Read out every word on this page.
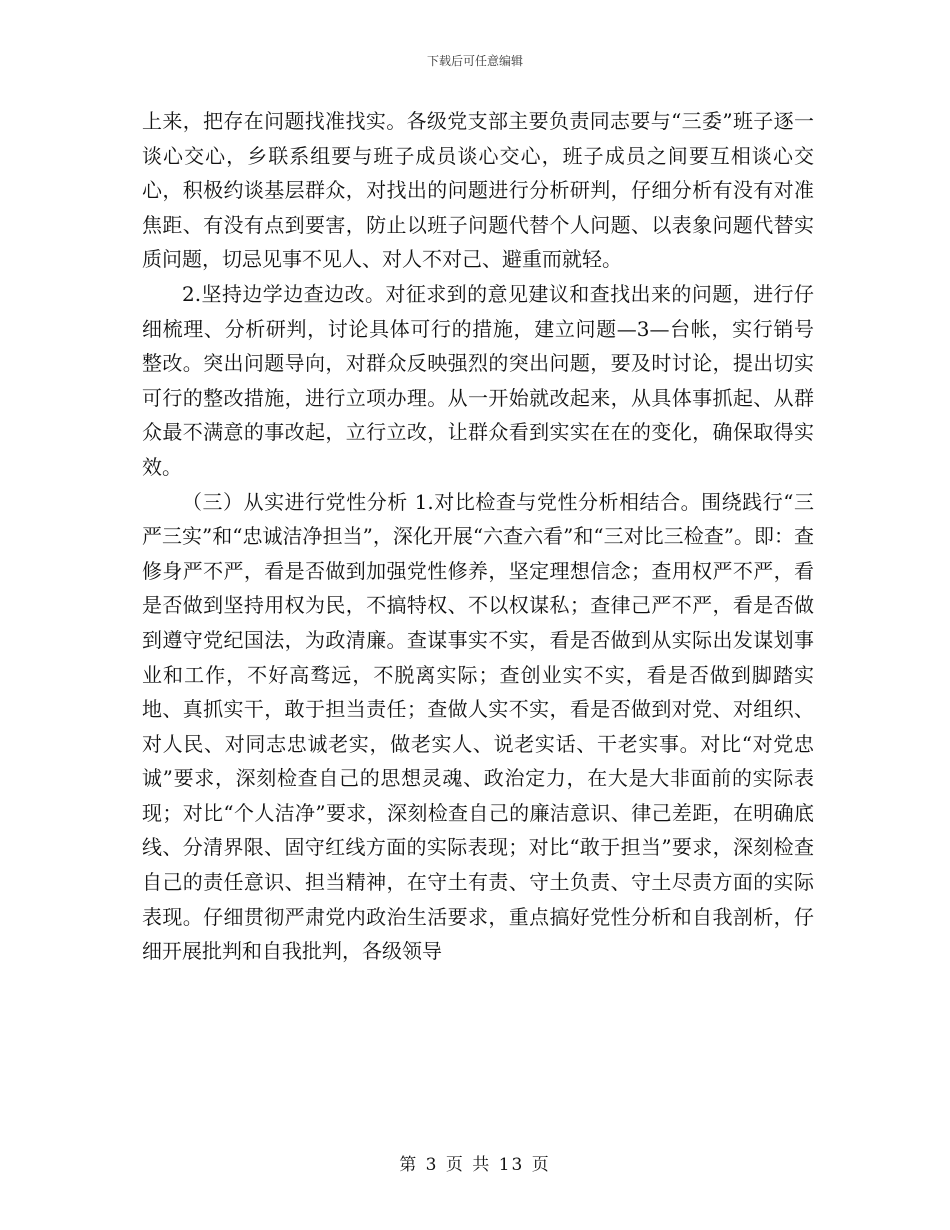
下载后可任意编辑

上来，把存在问题找准找实。各级党支部主要负责同志要与“三委”班子逐一谈心交心，乡联系组要与班子成员谈心交心，班子成员之间要互相谈心交心，积极约谈基层群众，对找出的问题进行分析研判，仔细分析有没有对准焦距、有没有点到要害，防止以班子问题代替个人问题、以表象问题代替实质问题，切忌见事不见人、对人不对己、避重而就轻。

2.坚持边学边查边改。对征求到的意见建议和查找出来的问题，进行仔细梳理、分析研判，讨论具体可行的措施，建立问题—3—台帐，实行销号整改。突出问题导向，对群众反映强烈的突出问题，要及时讨论，提出切实可行的整改措施，进行立项办理。从一开始就改起来，从具体事抓起、从群众最不满意的事改起，立行立改，让群众看到实实在在的变化，确保取得实效。

（三）从实进行党性分析 1.对比检查与党性分析相结合。围绕践行“三严三实”和“忠诚洁净担当”，深化开展“六查六看”和“三对比三检查”。即：查修身严不严，看是否做到加强党性修养，坚定理想信念；查用权严不严，看是否做到坚持用权为民，不搞特权、不以权谋私；查律己严不严，看是否做到遵守党纪国法，为政清廉。查谋事实不实，看是否做到从实际出发谋划事业和工作，不好高骛远，不脱离实际；查创业实不实，看是否做到脚踏实地、真抓实干，敢于担当责任；查做人实不实，看是否做到对党、对组织、对人民、对同志忠诚老实，做老实人、说老实话、干老实事。对比“对党忠诚”要求，深刻检查自己的思想灵魂、政治定力，在大是大非面前的实际表现；对比“个人洁净”要求，深刻检查自己的廉洁意识、律己差距，在明确底线、分清界限、固守红线方面的实际表现；对比“敢于担当”要求，深刻检查自己的责任意识、担当精神，在守土有责、守土负责、守土尽责方面的实际表现。仔细贯彻严肃党内政治生活要求，重点搞好党性分析和自我剖析，仔细开展批判和自我批判，各级领导

第 3 页 共 13 页
